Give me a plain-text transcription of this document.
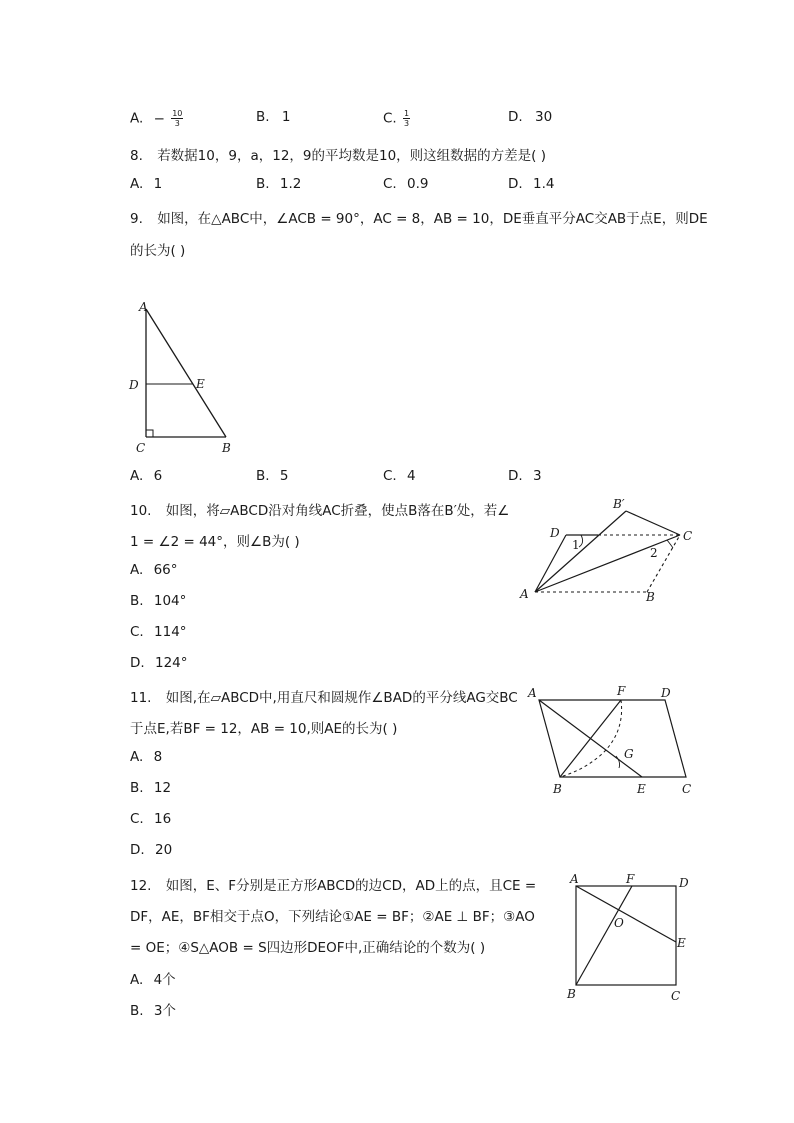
A. − $\frac{10}{3}$	B. 1	C. $\frac{1}{3}$	D. 30
8. 若数据10，9，a，12，9的平均数是10，则这组数据的方差是( )
A. 1	B. 1.2	C. 0.9	D. 1.4
9. 如图，在△ABC中，∠ACB = 90°，AC = 8，AB = 10，DE垂直平分AC交AB于点E，则DE
的长为( )
A
D	E
C	B
A. 6	B. 5	C. 4	D. 3
10. 如图，将▱ABCD沿对角线AC折叠，使点B落在B′处，若∠
1 = ∠2 = 44°，则∠B为( )
D
B′
C
A	B
1
2
A. 66°
B. 104°
C. 114°
D. 124°
11. 如图,在▱ABCD中,用直尺和圆规作∠BAD的平分线AG交BC
于点E,若BF = 12，AB = 10,则AE的长为( )
A	F	D
G
B	E	C
A. 8
B. 12
C. 16
D. 20
12. 如图，E、F分别是正方形ABCD的边CD，AD上的点，且CE =
DF，AE，BF相交于点O，下列结论①AE = BF；②AE ⊥ BF；③AO
= OE；④S△AOB = S四边形DEOF中,正确结论的个数为( )
A	F	D
O
E
B	C
A. 4个
B. 3个
